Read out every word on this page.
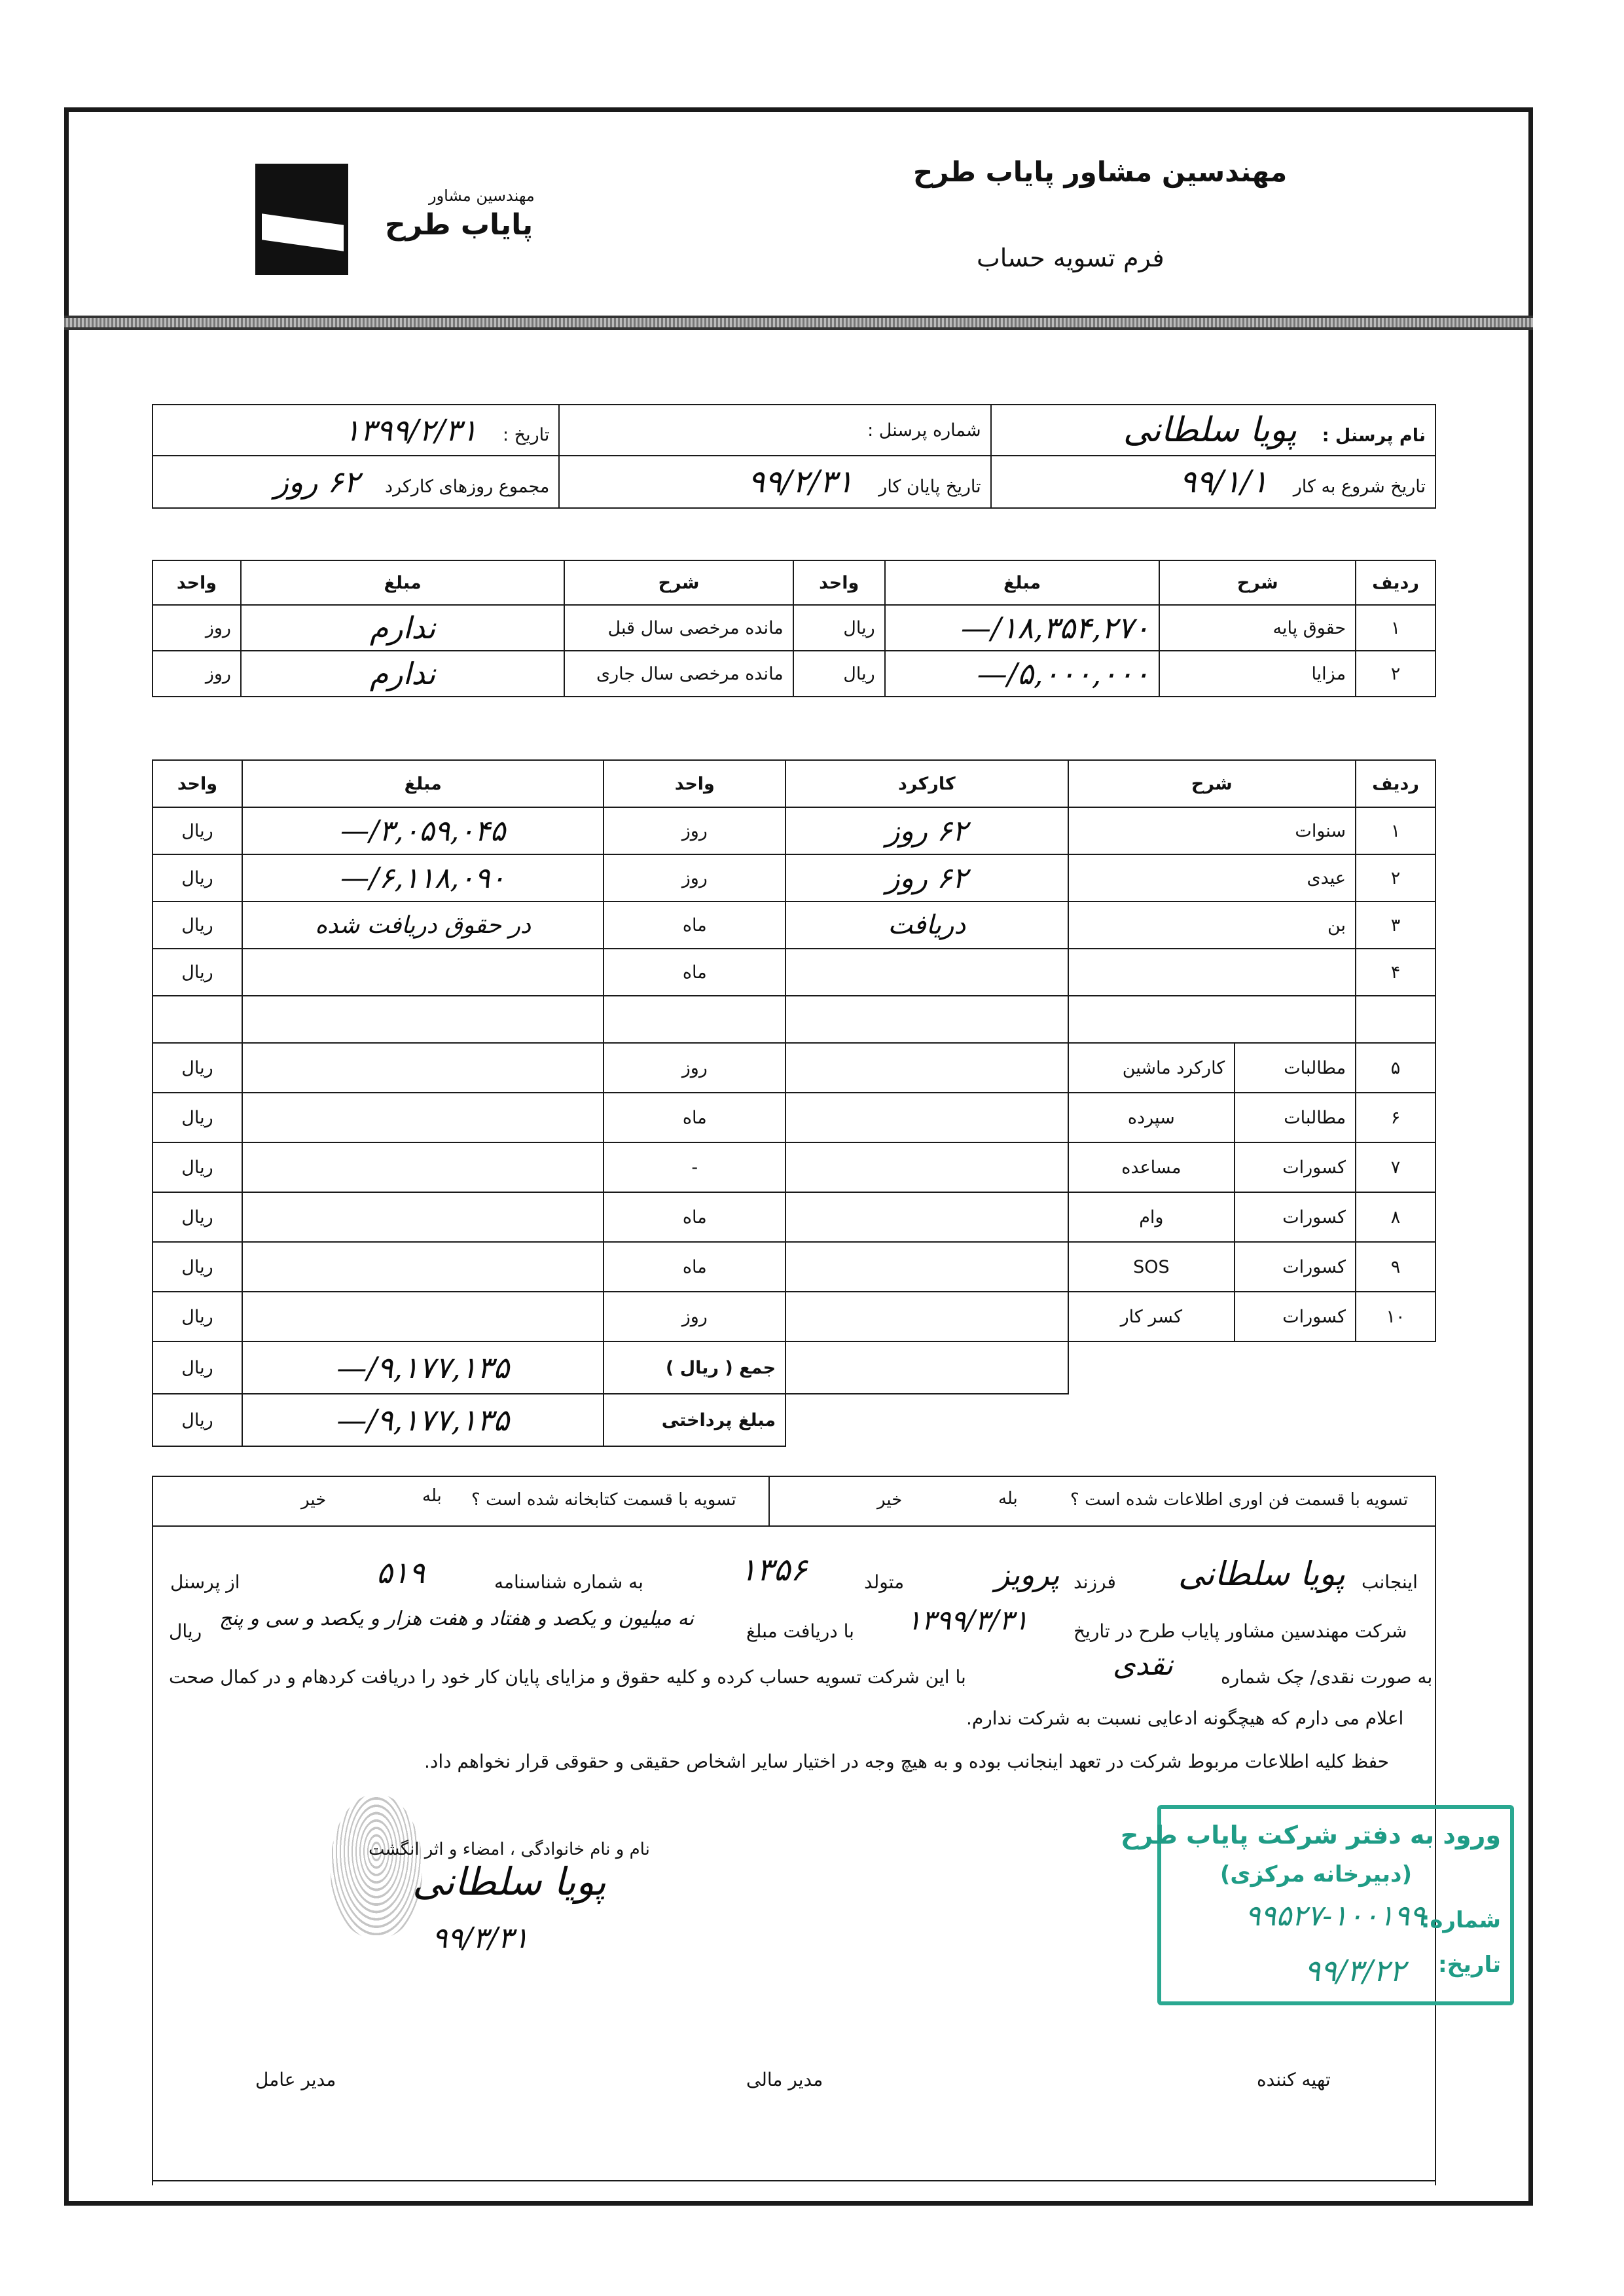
مهندسین مشاور پایاب طرح
فرم تسویه حساب
مهندسین مشاور
پایاب طرح
نام پرسنل : پویا سلطانی	شماره پرسنل :	تاریخ : ۱۳۹۹/۲/۳۱
تاریخ شروع به کار ۹۹/۱/۱	تاریخ پایان کار ۹۹/۲/۳۱	مجموع روزهای کارکرد ۶۲ روز
ردیف	شرح	مبلغ	واحد	شرح	مبلغ	واحد
۱	حقوق پایه	۱۸,۳۵۴,۲۷۰/—	ریال	مانده مرخصی سال قبل	ندارم	روز
۲	مزایا	۵,۰۰۰,۰۰۰/—	ریال	مانده مرخصی سال جاری	ندارم	روز
ردیف	شرح		کارکرد	واحد	مبلغ	واحد
۱	سنوات		۶۲ روز	روز	۳,۰۵۹,۰۴۵/—	ریال
۲	عیدی		۶۲ روز	روز	۶,۱۱۸,۰۹۰/—	ریال
۳	بن		دریافت	ماه	در حقوق دریافت شده	ریال
۴				ماه		ریال

۵	مطالبات	کارکرد ماشین		روز		ریال
۶	مطالبات	سپرده		ماه		ریال
۷	کسورات	مساعده		-		ریال
۸	کسورات	وام		ماه		ریال
۹	کسورات	SOS		ماه		ریال
۱۰	کسورات	کسر کار		روز		ریال
				جمع ( ریال )	۹,۱۷۷,۱۳۵/—	ریال
				مبلغ پرداختی	۹,۱۷۷,۱۳۵/—	ریال
تسویه با قسمت فن اوری اطلاعات شده است ؟
بله
خیر
تسویه با قسمت کتابخانه شده است ؟
بله
خیر
اینجانب
پویا سلطانی
فرزند
پرویز
متولد
۱۳۵۶
به شماره شناسنامه
۵۱۹
از پرسنل
شرکت مهندسین مشاور پایاب طرح در تاریخ
۱۳۹۹/۳/۳۱
با دریافت مبلغ
نه میلیون و یکصد و هفتاد و هفت هزار و یکصد و سی و پنج
ریال
به صورت نقدی/ چک شماره
نقدی
با این شرکت تسویه حساب کرده و کلیه حقوق و مزایای پایان کار خود را دریافت کردهام و در کمال صحت
اعلام می دارم که هیچگونه ادعایی نسبت به شرکت ندارم.
حفظ کلیه اطلاعات مربوط شرکت در تعهد اینجانب بوده و به هیچ وجه در اختیار سایر اشخاص حقیقی و حقوقی قرار نخواهم داد.
نام و نام خانوادگی ، امضاء و اثر انگشت
پویا سلطانی
۹۹/۳/۳۱
ورود به دفتر شرکت پایاب طرح
(دبیرخانه مرکزی)
شماره:
۹۹۵۲۷-۱۰۰۱۹۹
تاریخ:
۹۹/۳/۲۲
تهیه کننده
مدیر مالی
مدیر عامل
